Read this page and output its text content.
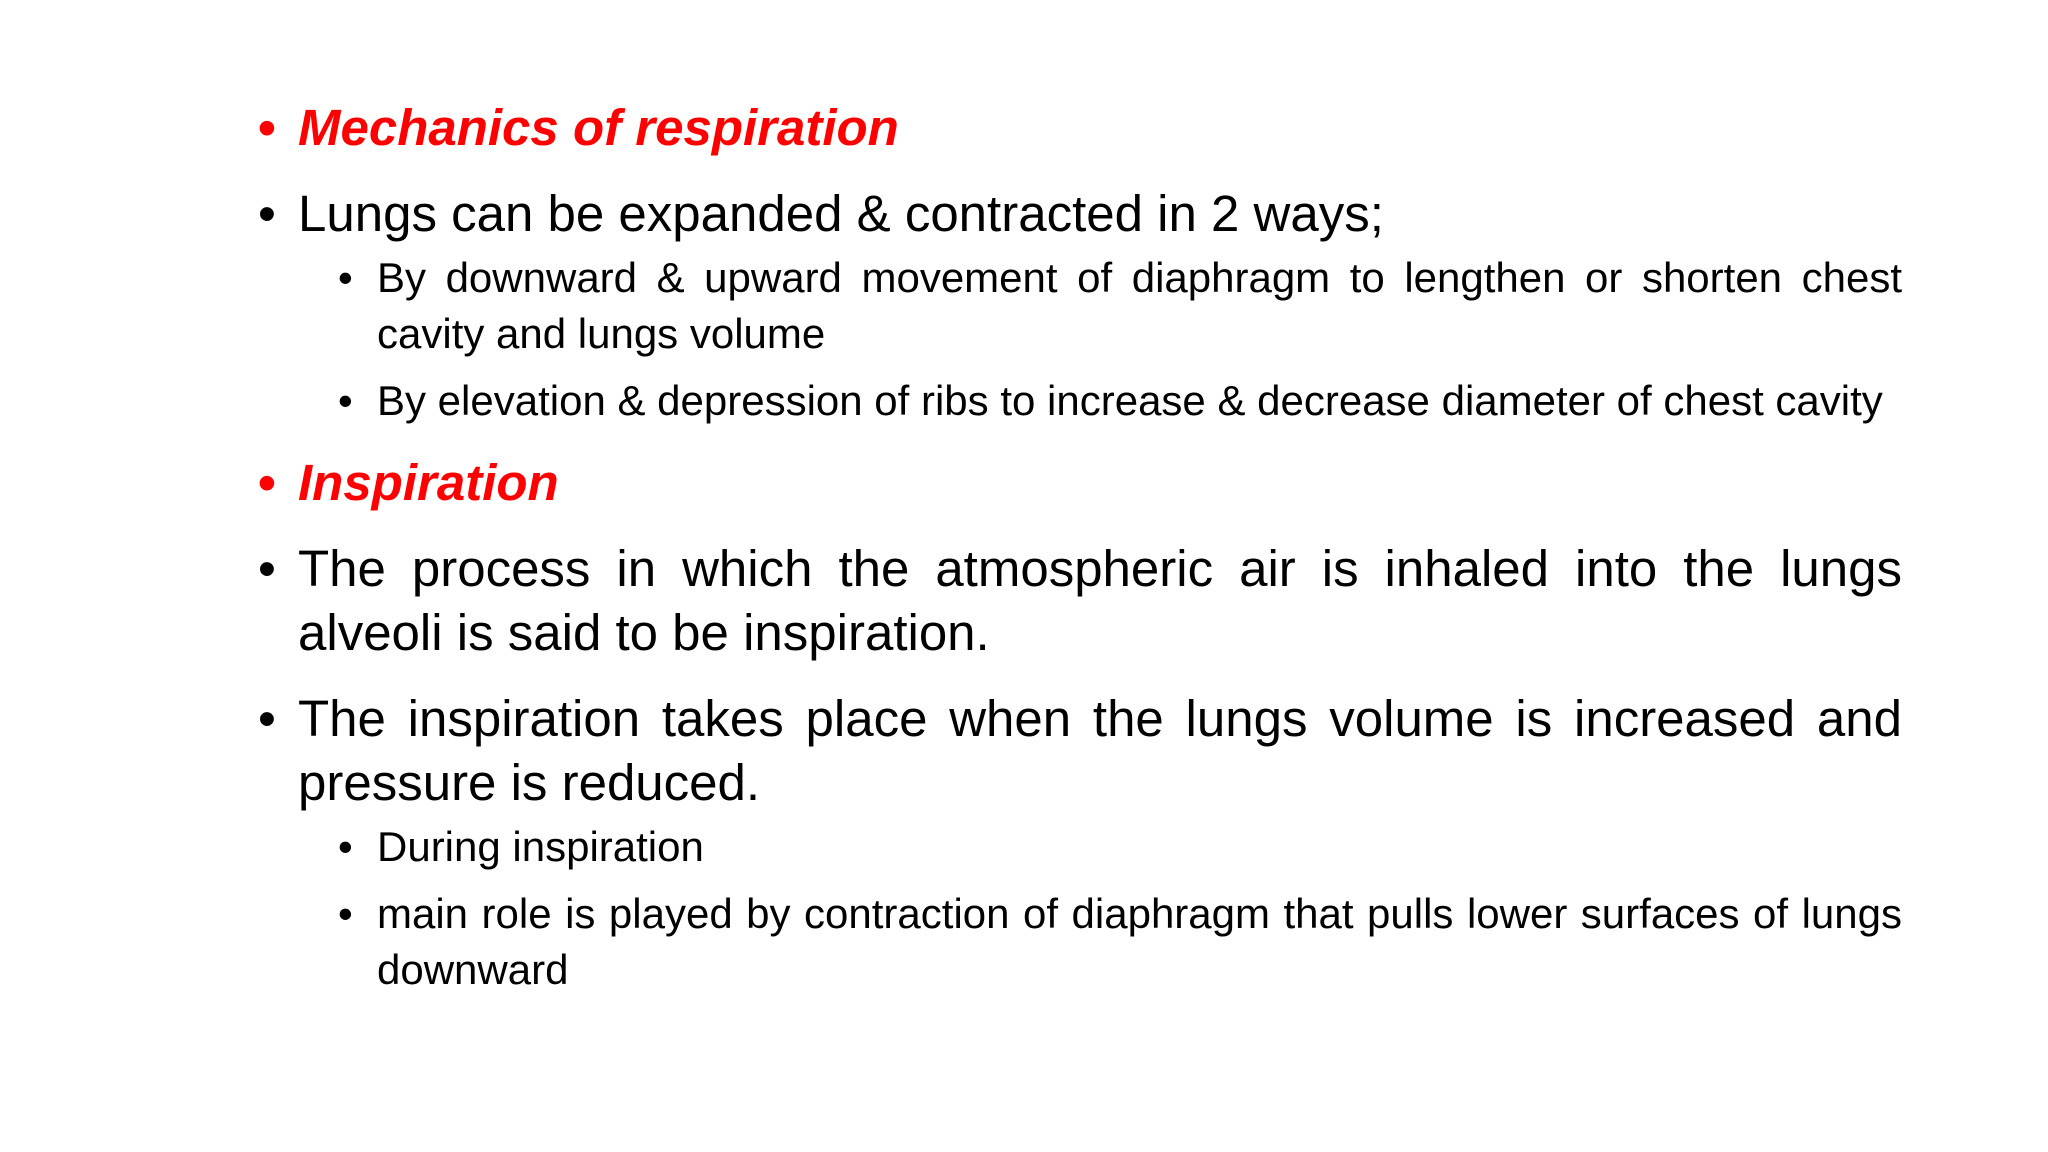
• Mechanics of respiration
• Lungs can be expanded & contracted in 2 ways;
• By downward & upward movement of diaphragm to lengthen or shorten chest cavity and lungs volume
• By elevation & depression of ribs to increase & decrease diameter of chest cavity
• Inspiration
• The process in which the atmospheric air is inhaled into the lungs alveoli is said to be inspiration.
• The inspiration takes place when the lungs volume is increased and pressure is reduced.
• During inspiration
• main role is played by contraction of diaphragm that pulls lower surfaces of lungs downward
